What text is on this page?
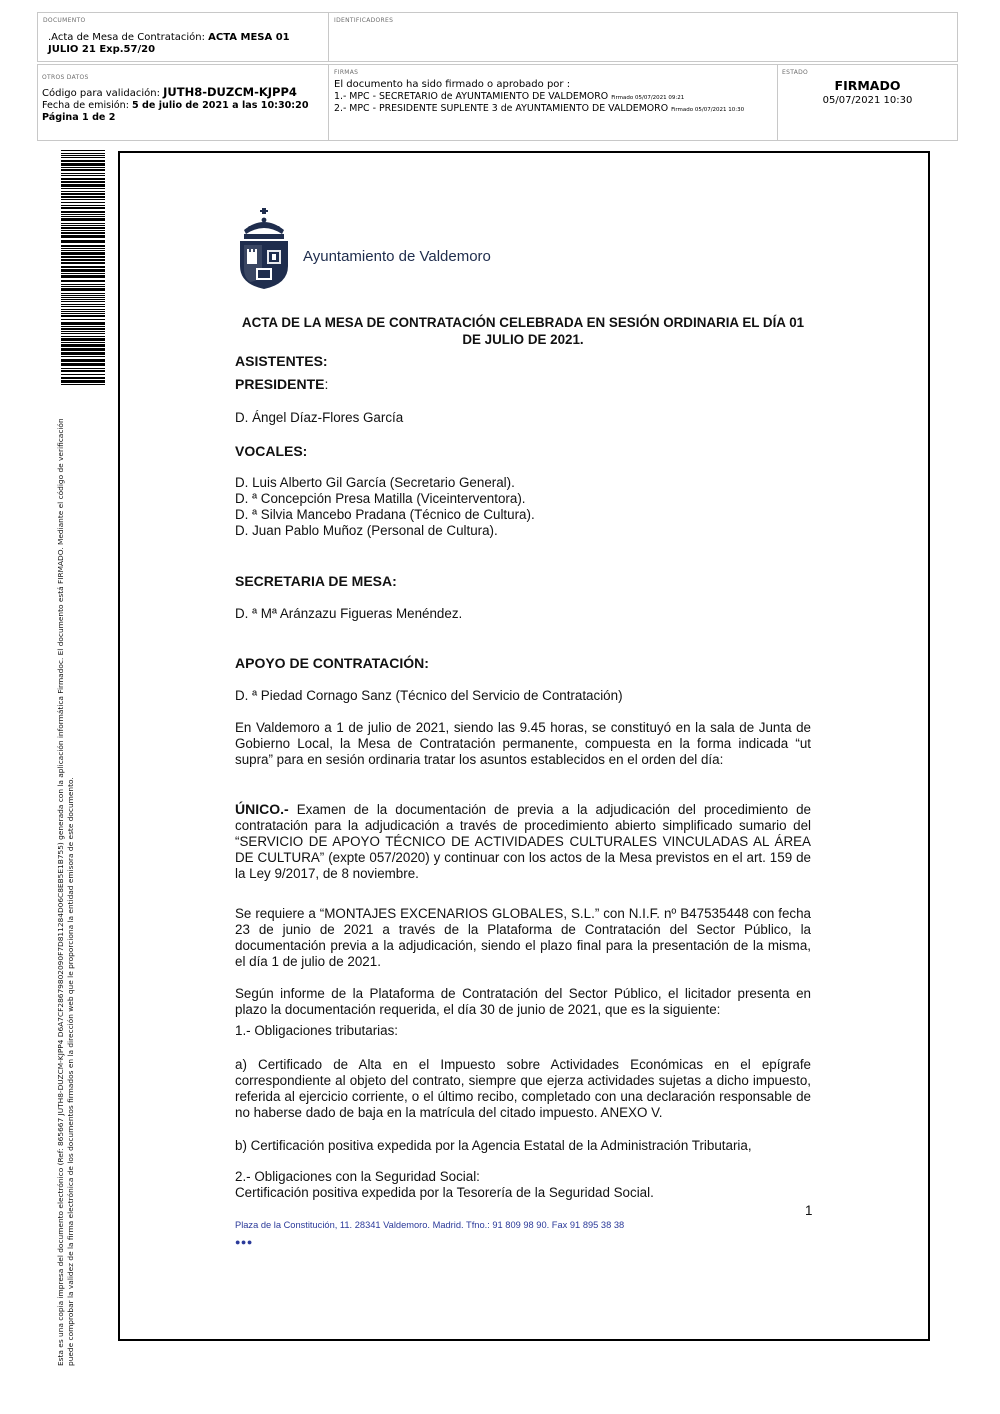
DOCUMENTO
.Acta de Mesa de Contratación: ACTA MESA 01
JULIO 21 Exp.57/20
IDENTIFICADORES
OTROS DATOS
Código para validación: JUTH8-DUZCM-KJPP4
Fecha de emisión: 5 de julio de 2021 a las 10:30:20
Página 1 de 2
FIRMAS
El documento ha sido firmado o aprobado por :
1.- MPC - SECRETARIO de AYUNTAMIENTO DE VALDEMORO Firmado 05/07/2021 09:21
2.- MPC - PRESIDENTE SUPLENTE 3 de AYUNTAMIENTO DE VALDEMORO Firmado 05/07/2021 10:30
ESTADO
FIRMADO
05/07/2021 10:30
Esta es una copia impresa del documento electrónico (Ref: 865667 JUTH8-DUZCM-KJPP4 D6A7CF28679802090F7D811284D06C8EB5E1B755) generada con la aplicación informática Firmadoc. El documento está FIRMADO. Mediante el código de verificación puede comprobar la validez de la firma electrónica de los documentos firmados en la dirección web que le proporciona la entidad emisora de este documento.
Ayuntamiento de Valdemoro
ACTA DE LA MESA DE CONTRATACIÓN CELEBRADA EN SESIÓN ORDINARIA EL DÍA 01
DE JULIO DE 2021.
ASISTENTES:
PRESIDENTE:
D. Ángel Díaz-Flores García
VOCALES:
D. Luis Alberto Gil García (Secretario General).
D. ª Concepción Presa Matilla (Viceinterventora).
D. ª Silvia Mancebo Pradana (Técnico de Cultura).
D. Juan Pablo Muñoz (Personal de Cultura).
SECRETARIA DE MESA:
D. ª Mª Aránzazu Figueras Menéndez.
APOYO DE CONTRATACIÓN:
D. ª Piedad Cornago Sanz (Técnico del Servicio de Contratación)
En Valdemoro a 1 de julio de 2021, siendo las 9.45 horas, se constituyó en la sala de Junta de Gobierno Local, la Mesa de Contratación permanente, compuesta en la forma indicada “ut supra” para en sesión ordinaria tratar los asuntos establecidos en el orden del día:
ÚNICO.- Examen de la documentación de previa a la adjudicación del procedimiento de contratación para la adjudicación a través de procedimiento abierto simplificado sumario del “SERVICIO DE APOYO TÉCNICO DE ACTIVIDADES CULTURALES VINCULADAS AL ÁREA DE CULTURA” (expte 057/2020) y continuar con los actos de la Mesa previstos en el art. 159 de la Ley 9/2017, de 8 noviembre.
Se requiere a “MONTAJES EXCENARIOS GLOBALES, S.L.” con N.I.F. nº B47535448 con fecha 23 de junio de 2021 a través de la Plataforma de Contratación del Sector Público, la documentación previa a la adjudicación, siendo el plazo final para la presentación de la misma, el día 1 de julio de 2021.
Según informe de la Plataforma de Contratación del Sector Público, el licitador presenta en plazo la documentación requerida, el día 30 de junio de 2021, que es la siguiente:
1.- Obligaciones tributarias:
a) Certificado de Alta en el Impuesto sobre Actividades Económicas en el epígrafe correspondiente al objeto del contrato, siempre que ejerza actividades sujetas a dicho impuesto, referida al ejercicio corriente, o el último recibo, completado con una declaración responsable de no haberse dado de baja en la matrícula del citado impuesto. ANEXO V.
b) Certificación positiva expedida por la Agencia Estatal de la Administración Tributaria,
2.- Obligaciones con la Seguridad Social:
Certificación positiva expedida por la Tesorería de la Seguridad Social.
1
Plaza de la Constitución, 11. 28341 Valdemoro. Madrid. Tfno.: 91 809 98 90. Fax 91 895 38 38
●●●
